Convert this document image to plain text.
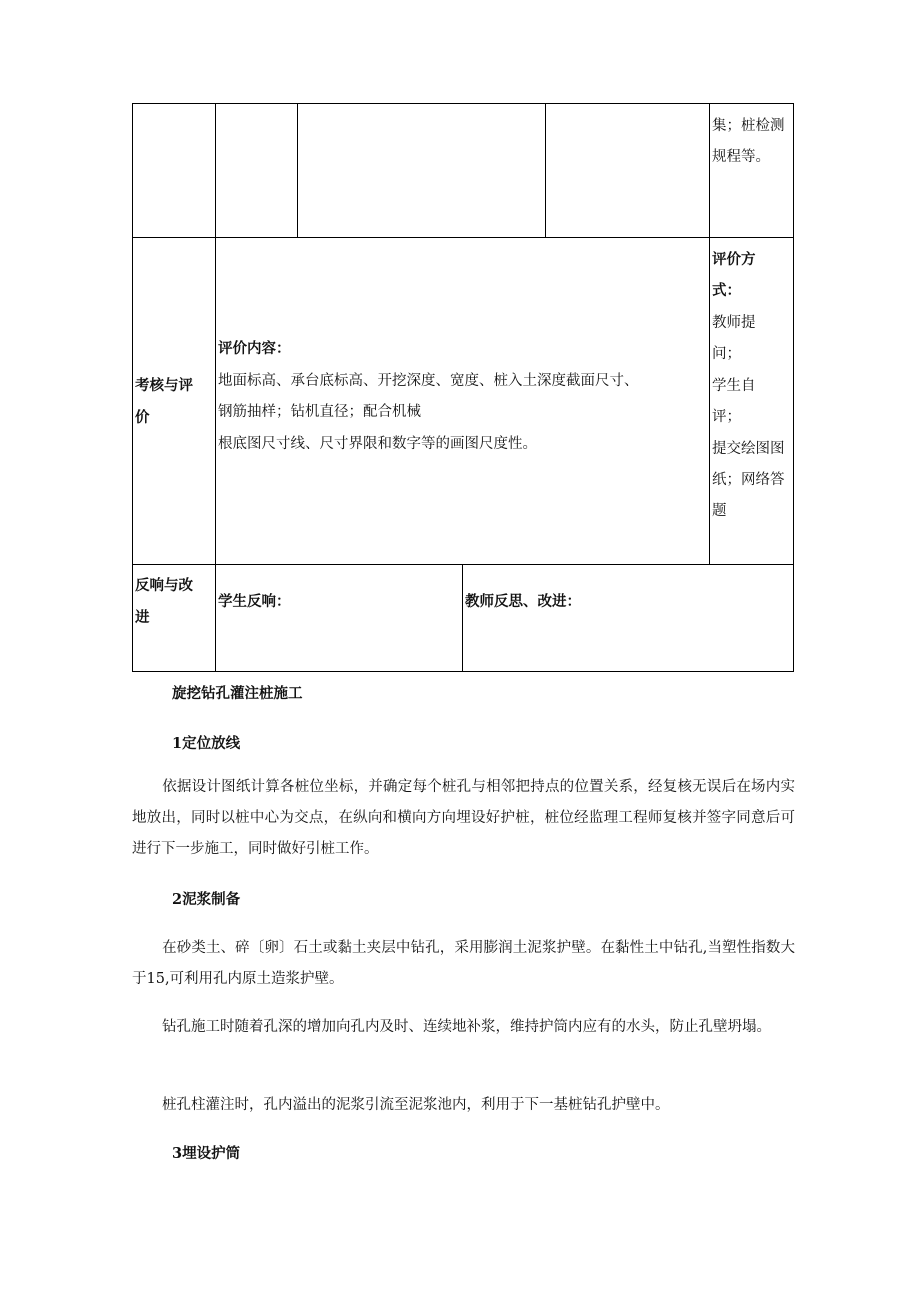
集；桩检测
规程等。
考核与评
价
评价内容：
地面标高、承台底标高、开挖深度、宽度、桩入土深度截面尺寸、
钢筋抽样；钻机直径；配合机械
根底图尺寸线、尺寸界限和数字等的画图尺度性。
评价方
式：
教师提
问；
学生自
评；
提交绘图图
纸；网络答
题
反响与改
进
学生反响：	教师反思、改进：
旋挖钻孔灌注桩施工
1定位放线
依据设计图纸计算各桩位坐标，并确定每个桩孔与相邻把持点的位置关系，经复核无误后在场内实地放出，同时以桩中心为交点，在纵向和横向方向埋设好护桩，桩位经监理工程师复核并签字同意后可进行下一步施工，同时做好引桩工作。
2泥浆制备
在砂类土、碎〔卵〕石土或黏土夹层中钻孔，采用膨润土泥浆护壁。在黏性土中钻孔,当塑性指数大于15,可利用孔内原土造浆护壁。
钻孔施工时随着孔深的增加向孔内及时、连续地补浆，维持护筒内应有的水头，防止孔壁坍塌。
桩孔柱灌注时，孔内溢出的泥浆引流至泥浆池内，利用于下一基桩钻孔护壁中。
3埋设护筒
